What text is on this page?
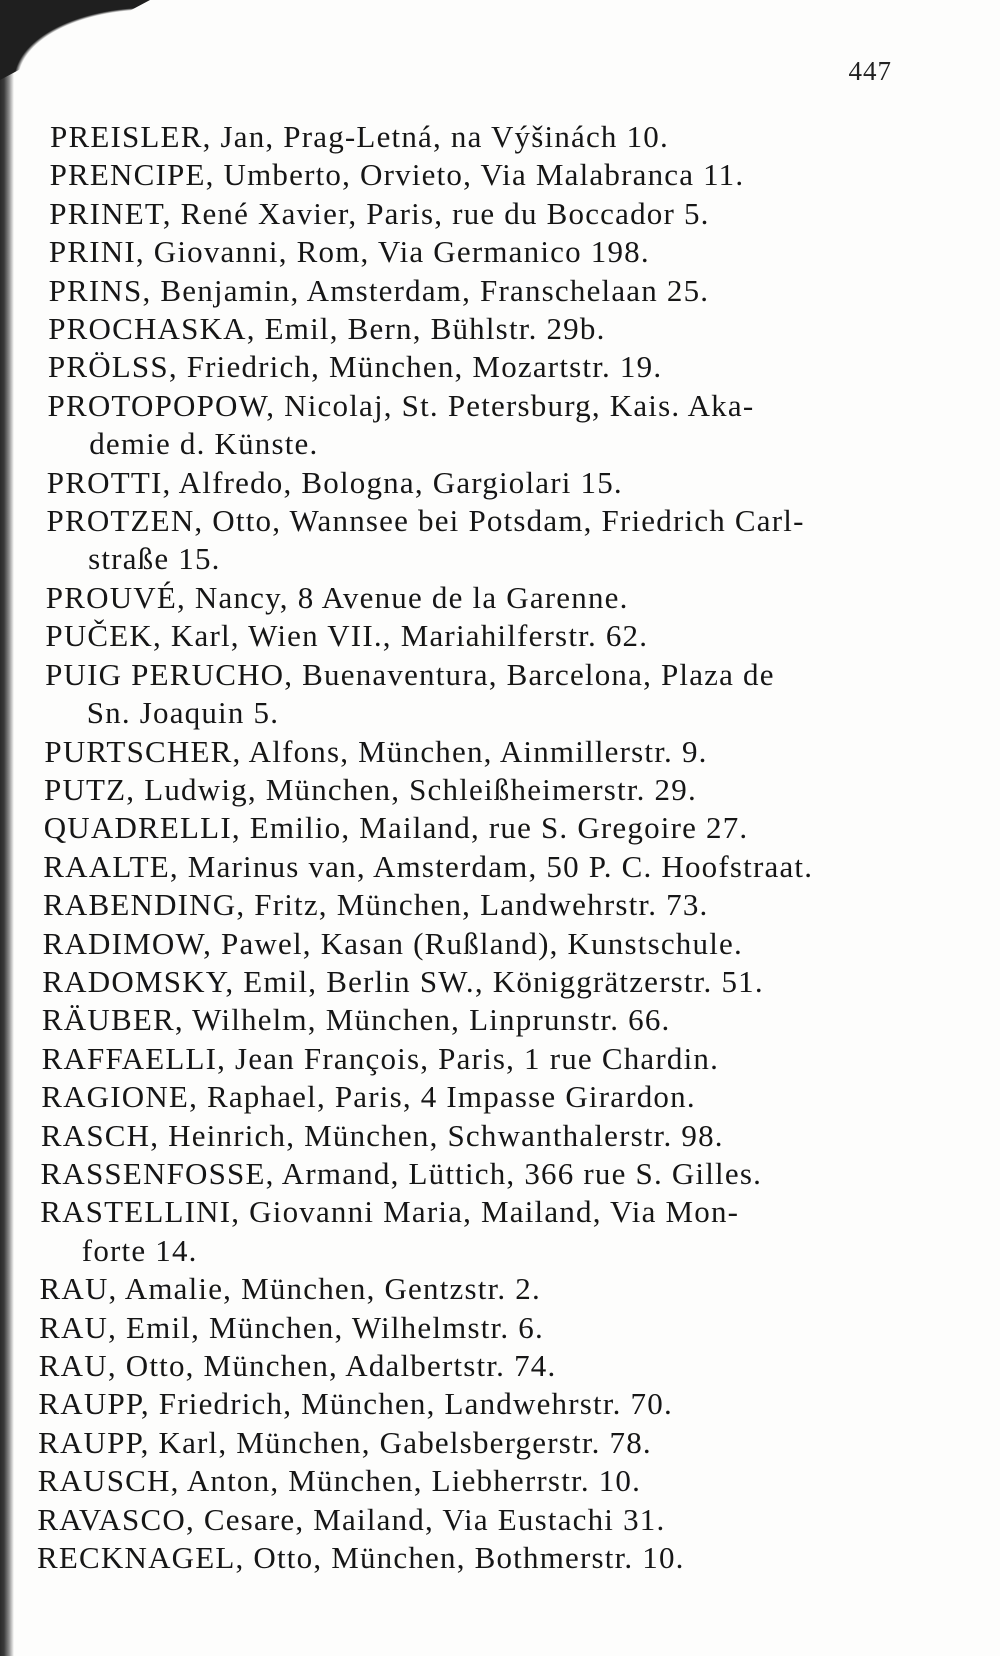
447
PREISLER, Jan, Prag-Letná, na Výšinách 10.
PRENCIPE, Umberto, Orvieto, Via Malabranca 11.
PRINET, René Xavier, Paris, rue du Boccador 5.
PRINI, Giovanni, Rom, Via Germanico 198.
PRINS, Benjamin, Amsterdam, Franschelaan 25.
PROCHASKA, Emil, Bern, Bühlstr. 29b.
PRÖLSS, Friedrich, München, Mozartstr. 19.
PROTOPOPOW, Nicolaj, St. Petersburg, Kais. Aka-
demie d. Künste.
PROTTI, Alfredo, Bologna, Gargiolari 15.
PROTZEN, Otto, Wannsee bei Potsdam, Friedrich Carl-
straße 15.
PROUVÉ, Nancy, 8 Avenue de la Garenne.
PUČEK, Karl, Wien VII., Mariahilferstr. 62.
PUIG PERUCHO, Buenaventura, Barcelona, Plaza de
Sn. Joaquin 5.
PURTSCHER, Alfons, München, Ainmillerstr. 9.
PUTZ, Ludwig, München, Schleißheimerstr. 29.
QUADRELLI, Emilio, Mailand, rue S. Gregoire 27.
RAALTE, Marinus van, Amsterdam, 50 P. C. Hoofstraat.
RABENDING, Fritz, München, Landwehrstr. 73.
RADIMOW, Pawel, Kasan (Rußland), Kunstschule.
RADOMSKY, Emil, Berlin SW., Königgrätzerstr. 51.
RÄUBER, Wilhelm, München, Linprunstr. 66.
RAFFAELLI, Jean François, Paris, 1 rue Chardin.
RAGIONE, Raphael, Paris, 4 Impasse Girardon.
RASCH, Heinrich, München, Schwanthalerstr. 98.
RASSENFOSSE, Armand, Lüttich, 366 rue S. Gilles.
RASTELLINI, Giovanni Maria, Mailand, Via Mon-
forte 14.
RAU, Amalie, München, Gentzstr. 2.
RAU, Emil, München, Wilhelmstr. 6.
RAU, Otto, München, Adalbertstr. 74.
RAUPP, Friedrich, München, Landwehrstr. 70.
RAUPP, Karl, München, Gabelsbergerstr. 78.
RAUSCH, Anton, München, Liebherrstr. 10.
RAVASCO, Cesare, Mailand, Via Eustachi 31.
RECKNAGEL, Otto, München, Bothmerstr. 10.
